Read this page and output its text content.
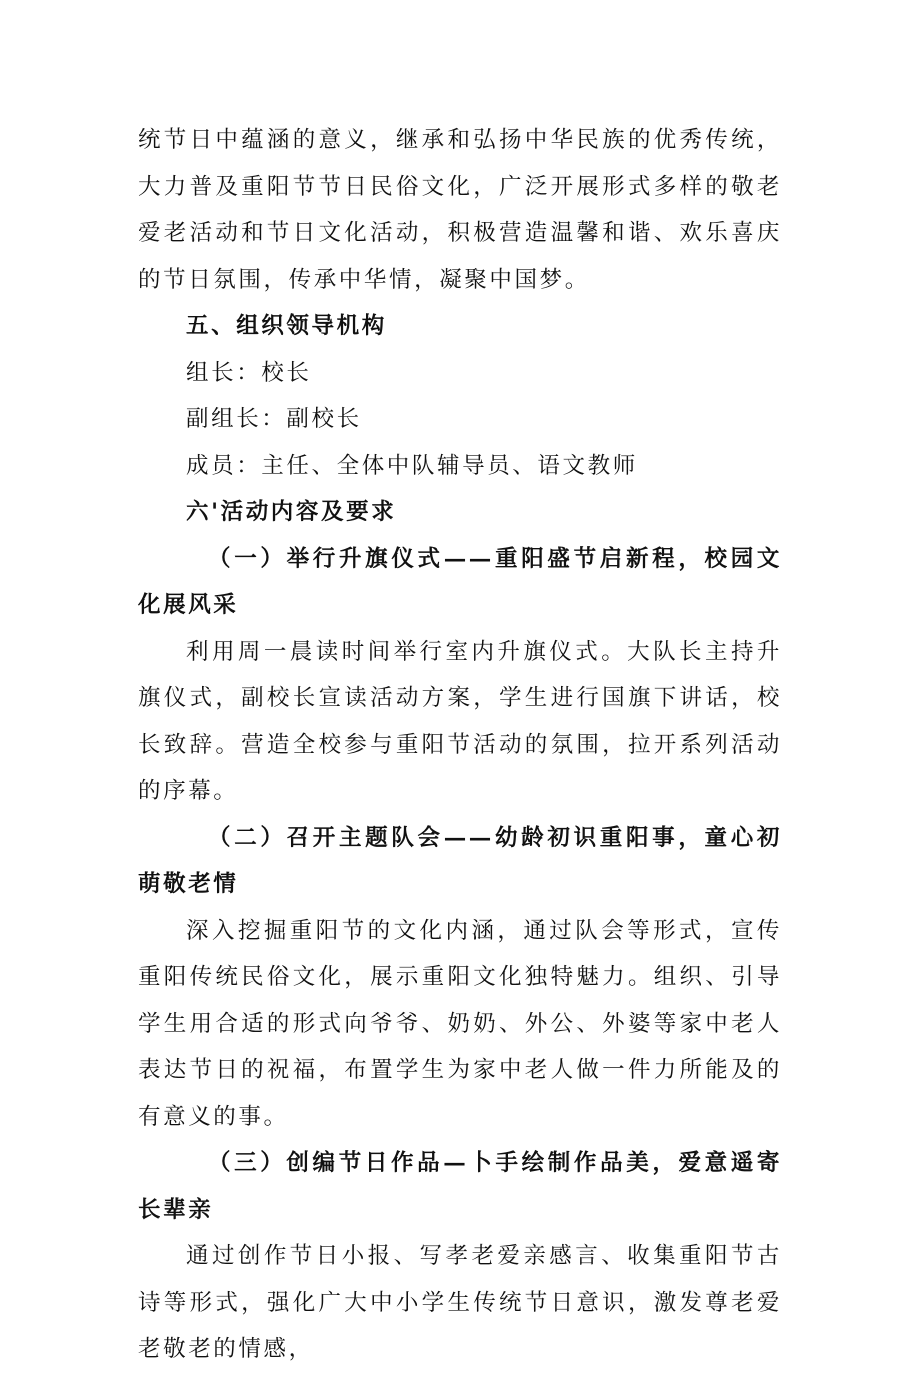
统节日中蕴涵的意义，继承和弘扬中华民族的优秀传统，大力普及重阳节节日民俗文化，广泛开展形式多样的敬老爱老活动和节日文化活动，积极营造温馨和谐、欢乐喜庆的节日氛围，传承中华情，凝聚中国梦。

五、组织领导机构

组长：校长

副组长：副校长

成员：主任、全体中队辅导员、语文教师

六'活动内容及要求

（一）举行升旗仪式——重阳盛节启新程，校园文化展风采

利用周一晨读时间举行室内升旗仪式。大队长主持升旗仪式，副校长宣读活动方案，学生进行国旗下讲话，校长致辞。营造全校参与重阳节活动的氛围，拉开系列活动的序幕。

（二）召开主题队会——幼龄初识重阳事，童心初萌敬老情

深入挖掘重阳节的文化内涵，通过队会等形式，宣传重阳传统民俗文化，展示重阳文化独特魅力。组织、引导学生用合适的形式向爷爷、奶奶、外公、外婆等家中老人表达节日的祝福，布置学生为家中老人做一件力所能及的有意义的事。

（三）创编节日作品—卜手绘制作品美，爱意遥寄长辈亲

通过创作节日小报、写孝老爱亲感言、收集重阳节古诗等形式，强化广大中小学生传统节日意识，激发尊老爱老敬老的情感，
